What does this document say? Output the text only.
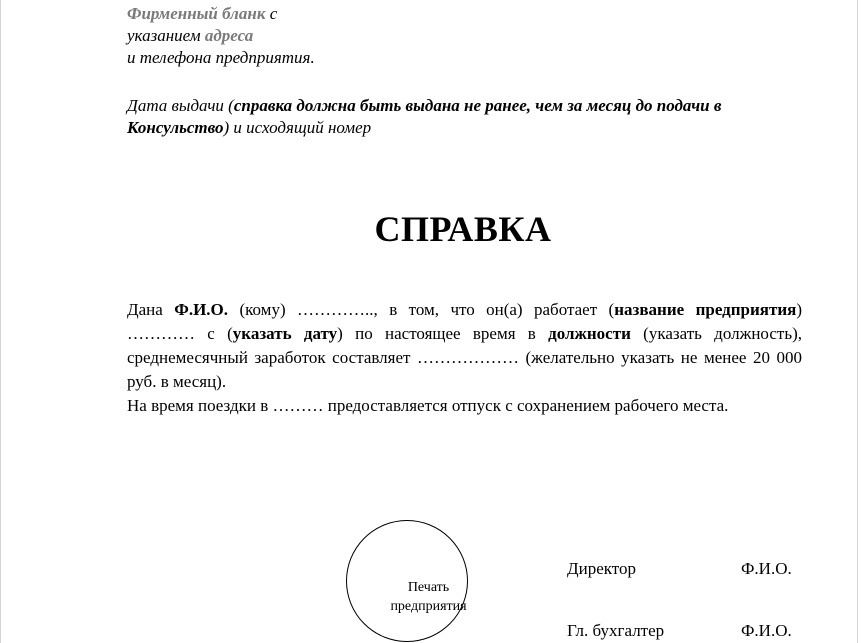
Фирменный бланк с
указанием адреса
и телефона предприятия.
Дата выдачи (справка должна быть выдана не ранее, чем за месяц до подачи в Консульство) и исходящий номер
СПРАВКА

Дана Ф.И.О. (кому) ………….., в том, что он(а) работает (название предприятия) ………… с (указать дату) по настоящее время в должности (указать должность), среднемесячный заработок составляет ……………… (желательно указать не менее 20 000 руб. в месяц).

На время поездки в ……… предоставляется отпуск с сохранением рабочего места.

Печать
предприятия
Директор	Ф.И.О.
Гл. бухгалтер	Ф.И.О.
